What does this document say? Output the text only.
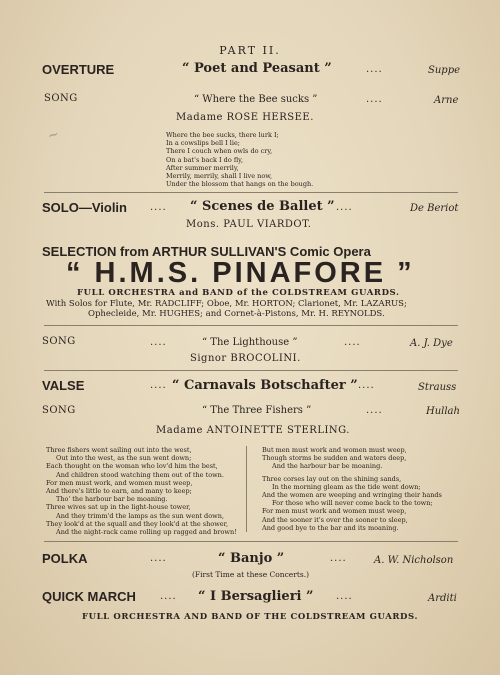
~
PART II.
OVERTURE	“ Poet and Peasant ”	....	Suppe
SONG	“ Where the Bee sucks ”	....	Arne
Madame ROSE HERSEE.
Where the bee sucks, there lurk I;
In a cowslips bell I lie;
There I couch when owls do cry,
On a bat's back I do fly,
After summer merrily,
Merrily, merrily, shall I live now,
Under the blossom that hangs on the bough.
SOLO—Violin .... “ Scenes de Ballet ” ....	De Beriot
Mons. PAUL VIARDOT.
SELECTION from ARTHUR SULLIVAN'S Comic Opera
“ H.M.S. PINAFORE ”
FULL ORCHESTRA and BAND of the COLDSTREAM GUARDS.
With Solos for Flute, Mr. RADCLIFF; Oboe, Mr. HORTON; Clarionet, Mr. LAZARUS;
Ophecleide, Mr. HUGHES; and Cornet-à-Pistons, Mr. H. REYNOLDS.
SONG	....	“ The Lighthouse ”	....	A. J. Dye
Signor BROCOLINI.
VALSE	.... “ Carnavals Botschafter ” ....	Strauss
SONG	“ The Three Fishers ”	....	Hullah
Madame ANTOINETTE STERLING.
Three fishers went sailing out into the west,
Out into the west, as the sun went down;
Each thought on the woman who lov'd him the best,
And children stood watching them out of the town.
For men must work, and women must weep,
And there's little to earn, and many to keep;
Tho' the harbour bar be moaning.
Three wives sat up in the light-house tower,
And they trimm'd the lamps as the sun went down,
They look'd at the squall and they look'd at the shower,
And the night-rack came rolling up ragged and brown!
But men must work and women must weep,
Though storms be sudden and waters deep,
And the harbour bar be moaning.
Three corses lay out on the shining sands,
In the morning gleam as the tide went down;
And the women are weeping and wringing their hands
For those who will never come back to the town;
For men must work and women must weep,
And the sooner it's over the sooner to sleep,
And good bye to the bar and its moaning.
POLKA	....	“ Banjo ”	....	A. W. Nicholson
(First Time at these Concerts.)
QUICK MARCH .... “ I Bersaglieri ” ....	Arditi
FULL ORCHESTRA AND BAND OF THE COLDSTREAM GUARDS.
